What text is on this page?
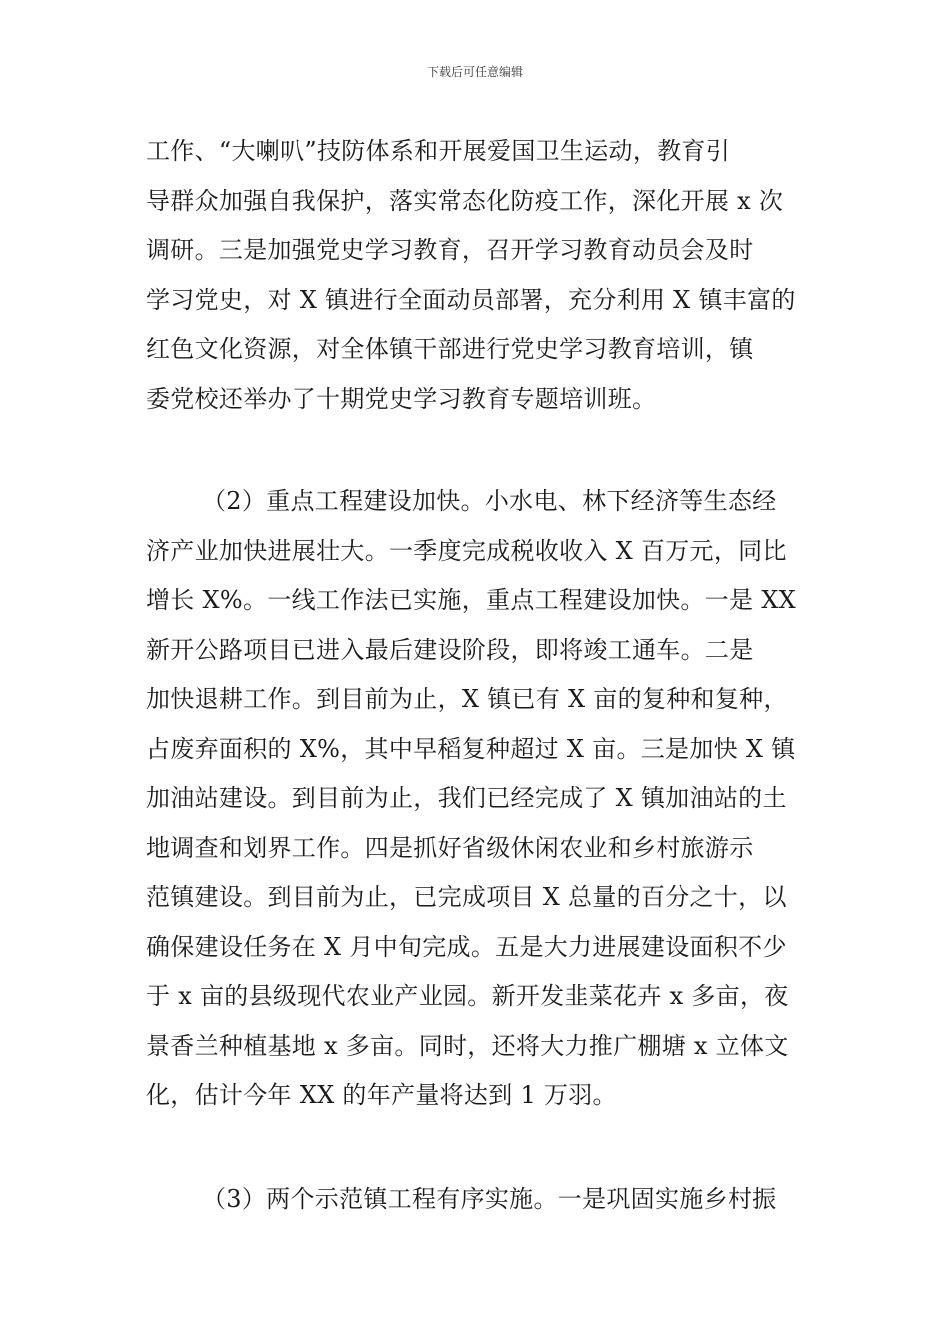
下载后可任意编辑
工作、“大喇叭”技防体系和开展爱国卫生运动，教育引
导群众加强自我保护，落实常态化防疫工作，深化开展 x 次
调研。三是加强党史学习教育，召开学习教育动员会及时
学习党史，对 X 镇进行全面动员部署，充分利用 X 镇丰富的
红色文化资源，对全体镇干部进行党史学习教育培训，镇
委党校还举办了十期党史学习教育专题培训班。
（2）重点工程建设加快。小水电、林下经济等生态经
济产业加快进展壮大。一季度完成税收收入 X 百万元，同比
增长 X%。一线工作法已实施，重点工程建设加快。一是 XX
新开公路项目已进入最后建设阶段，即将竣工通车。二是
加快退耕工作。到目前为止，X 镇已有 X 亩的复种和复种，
占废弃面积的 X%，其中早稻复种超过 X 亩。三是加快 X 镇
加油站建设。到目前为止，我们已经完成了 X 镇加油站的土
地调查和划界工作。四是抓好省级休闲农业和乡村旅游示
范镇建设。到目前为止，已完成项目 X 总量的百分之十，以
确保建设任务在 X 月中旬完成。五是大力进展建设面积不少
于 x 亩的县级现代农业产业园。新开发韭菜花卉 x 多亩，夜
景香兰种植基地 x 多亩。同时，还将大力推广棚塘 x 立体文
化，估计今年 XX 的年产量将达到 1 万羽。
（3）两个示范镇工程有序实施。一是巩固实施乡村振
